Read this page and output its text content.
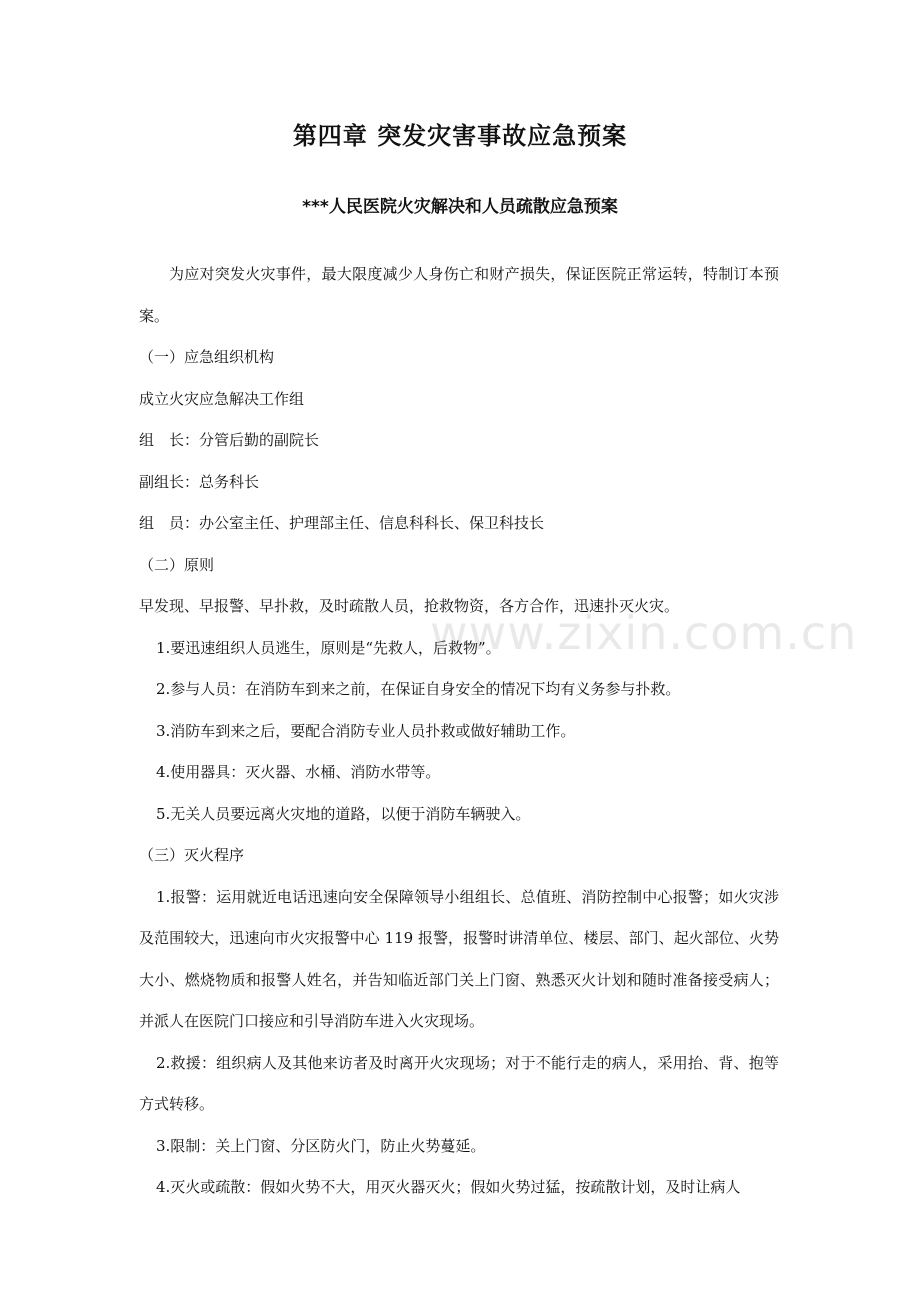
第四章 突发灾害事故应急预案
***人民医院火灾解决和人员疏散应急预案

为应对突发火灾事件，最大限度减少人身伤亡和财产损失，保证医院正常运转，特制订本预案。

（一）应急组织机构

成立火灾应急解决工作组

组　长：分管后勤的副院长

副组长：总务科长

组　员：办公室主任、护理部主任、信息科科长、保卫科技长

（二）原则

早发现、早报警、早扑救，及时疏散人员，抢救物资，各方合作，迅速扑灭火灾。

1.要迅速组织人员逃生，原则是“先救人，后救物”。

2.参与人员：在消防车到来之前，在保证自身安全的情况下均有义务参与扑救。

3.消防车到来之后，要配合消防专业人员扑救或做好辅助工作。

4.使用器具：灭火器、水桶、消防水带等。

5.无关人员要远离火灾地的道路，以便于消防车辆驶入。

（三）灭火程序

1.报警：运用就近电话迅速向安全保障领导小组组长、总值班、消防控制中心报警；如火灾涉及范围较大，迅速向市火灾报警中心 119 报警，报警时讲清单位、楼层、部门、起火部位、火势大小、燃烧物质和报警人姓名，并告知临近部门关上门窗、熟悉灭火计划和随时准备接受病人；并派人在医院门口接应和引导消防车进入火灾现场。

2.救援：组织病人及其他来访者及时离开火灾现场；对于不能行走的病人，采用抬、背、抱等方式转移。

3.限制：关上门窗、分区防火门，防止火势蔓延。

4.灭火或疏散：假如火势不大，用灭火器灭火；假如火势过猛，按疏散计划，及时让病人

www.zixin.com.cn
